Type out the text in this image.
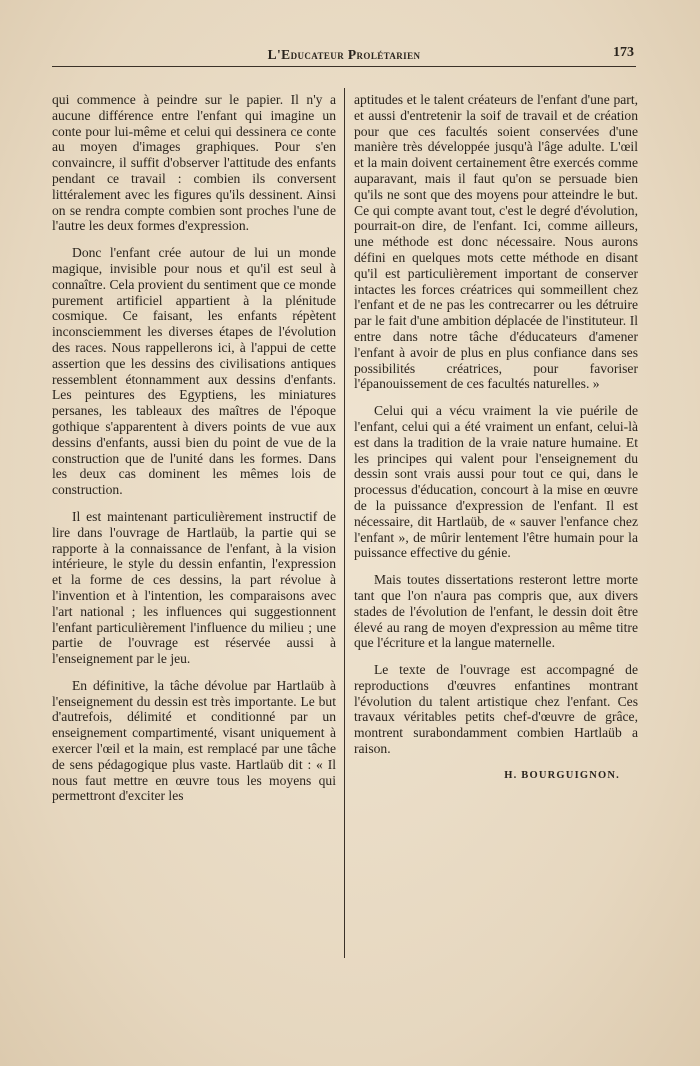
L'Educateur Prolétarien	173

qui commence à peindre sur le papier. Il n'y a aucune différence entre l'enfant qui imagine un conte pour lui-même et celui qui dessinera ce conte au moyen d'images graphiques. Pour s'en convaincre, il suffit d'observer l'attitude des enfants pendant ce travail : combien ils conversent littéralement avec les figures qu'ils dessinent. Ainsi on se rendra compte combien sont proches l'une de l'autre les deux formes d'expression.

Donc l'enfant crée autour de lui un monde magique, invisible pour nous et qu'il est seul à connaître. Cela provient du sentiment que ce monde purement artificiel appartient à la plénitude cosmique. Ce faisant, les enfants répètent inconsciemment les diverses étapes de l'évolution des races. Nous rappellerons ici, à l'appui de cette assertion que les dessins des civilisations antiques ressemblent étonnamment aux dessins d'enfants. Les peintures des Egyptiens, les miniatures persanes, les tableaux des maîtres de l'époque gothique s'apparentent à divers points de vue aux dessins d'enfants, aussi bien du point de vue de la construction que de l'unité dans les formes. Dans les deux cas dominent les mêmes lois de construction.

Il est maintenant particulièrement instructif de lire dans l'ouvrage de Hartlaüb, la partie qui se rapporte à la connaissance de l'enfant, à la vision intérieure, le style du dessin enfantin, l'expression et la forme de ces dessins, la part révolue à l'invention et à l'intention, les comparaisons avec l'art national ; les influences qui suggestionnent l'enfant particulièrement l'influence du milieu ; une partie de l'ouvrage est réservée aussi à l'enseignement par le jeu.

En définitive, la tâche dévolue par Hartlaüb à l'enseignement du dessin est très importante. Le but d'autrefois, délimité et conditionné par un enseignement compartimenté, visant uniquement à exercer l'œil et la main, est remplacé par une tâche de sens pédagogique plus vaste. Hartlaüb dit : « Il nous faut mettre en œuvre tous les moyens qui permettront d'exciter les

aptitudes et le talent créateurs de l'enfant d'une part, et aussi d'entretenir la soif de travail et de création pour que ces facultés soient conservées d'une manière très développée jusqu'à l'âge adulte. L'œil et la main doivent certainement être exercés comme auparavant, mais il faut qu'on se persuade bien qu'ils ne sont que des moyens pour atteindre le but. Ce qui compte avant tout, c'est le degré d'évolution, pourrait-on dire, de l'enfant. Ici, comme ailleurs, une méthode est donc nécessaire. Nous aurons défini en quelques mots cette méthode en disant qu'il est particulièrement important de conserver intactes les forces créatrices qui sommeillent chez l'enfant et de ne pas les contrecarrer ou les détruire par le fait d'une ambition déplacée de l'instituteur. Il entre dans notre tâche d'éducateurs d'amener l'enfant à avoir de plus en plus confiance dans ses possibilités créatrices, pour favoriser l'épanouissement de ces facultés naturelles. »

Celui qui a vécu vraiment la vie puérile de l'enfant, celui qui a été vraiment un enfant, celui-là est dans la tradition de la vraie nature humaine. Et les principes qui valent pour l'enseignement du dessin sont vrais aussi pour tout ce qui, dans le processus d'éducation, concourt à la mise en œuvre de la puissance d'expression de l'enfant. Il est nécessaire, dit Hartlaüb, de « sauver l'enfance chez l'enfant », de mûrir lentement l'être humain pour la puissance effective du génie.

Mais toutes dissertations resteront lettre morte tant que l'on n'aura pas compris que, aux divers stades de l'évolution de l'enfant, le dessin doit être élevé au rang de moyen d'expression au même titre que l'écriture et la langue maternelle.

Le texte de l'ouvrage est accompagné de reproductions d'œuvres enfantines montrant l'évolution du talent artistique chez l'enfant. Ces travaux véritables petits chef-d'œuvre de grâce, montrent surabondamment combien Hartlaüb a raison.

H. BOURGUIGNON.
